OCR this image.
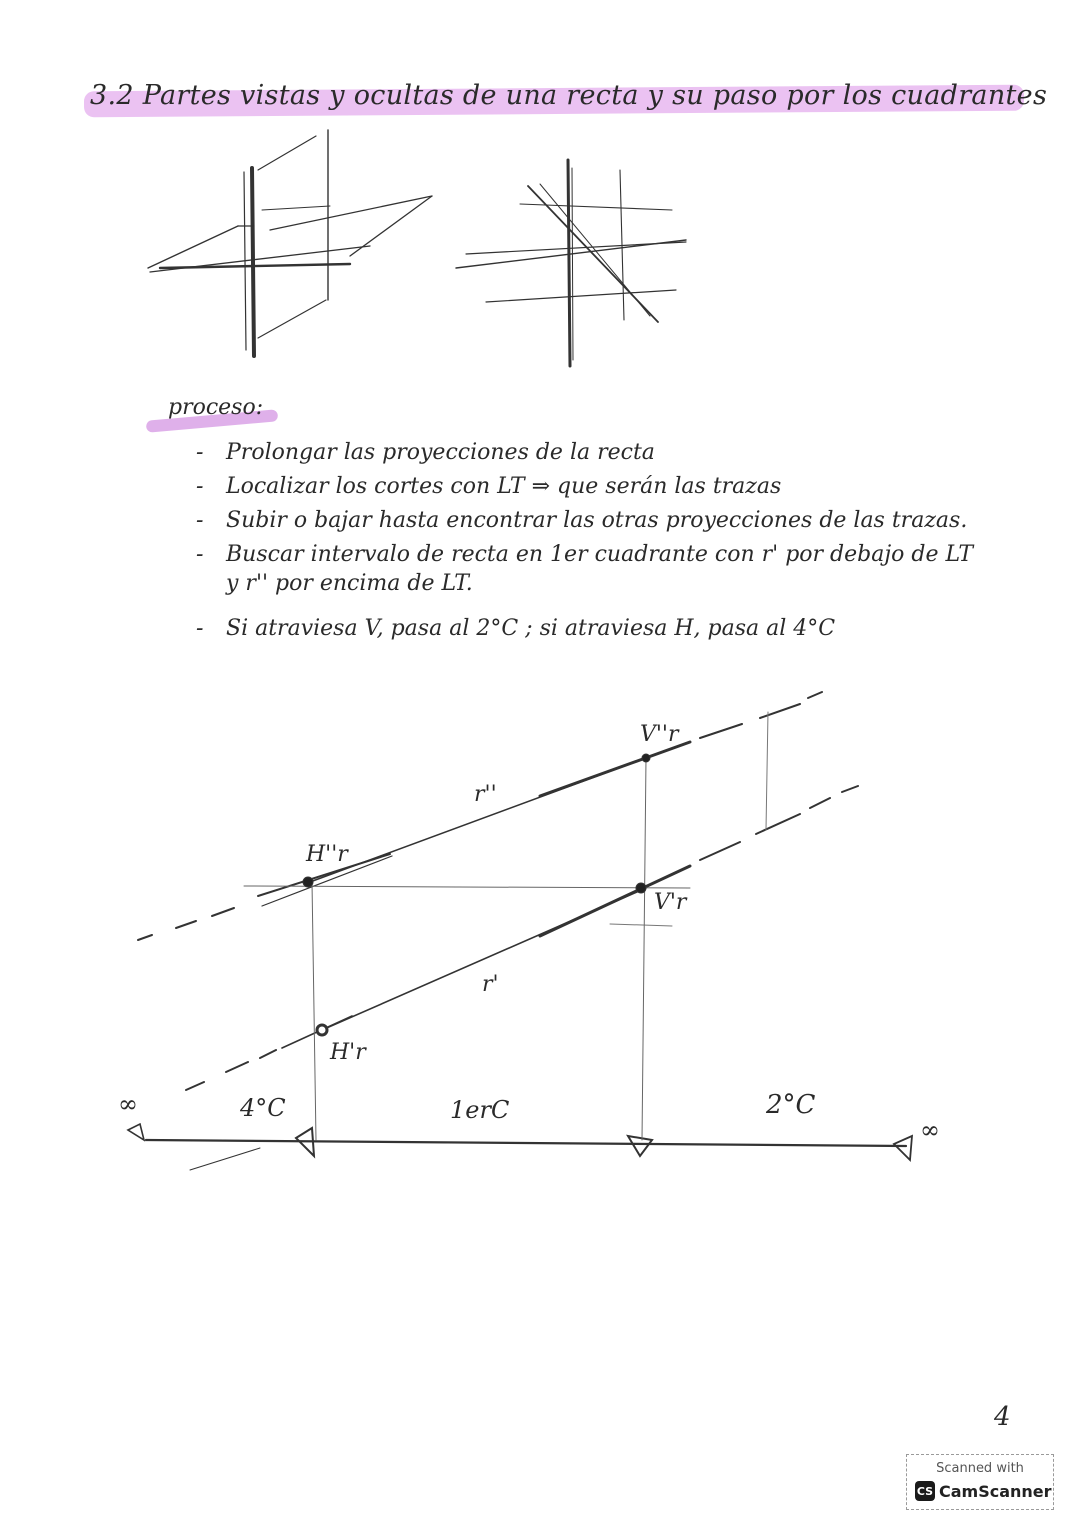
3.2 Partes vistas y ocultas de una recta y su paso por los cuadrantes
proceso:
- Prolongar las proyecciones de la recta
- Localizar los cortes con LT ⇒ que serán las trazas
- Subir o bajar hasta encontrar las otras proyecciones de las trazas.
- Buscar intervalo de recta en 1er cuadrante con r' por debajo de LT
y r'' por encima de LT.
- Si atraviesa V, pasa al 2°C ; si atraviesa H, pasa al 4°C
V''r
r''
H''r
V'r
r'
H'r
4°C	1erC	2°C
∞
∞
4
Scanned with
CS CamScanner
